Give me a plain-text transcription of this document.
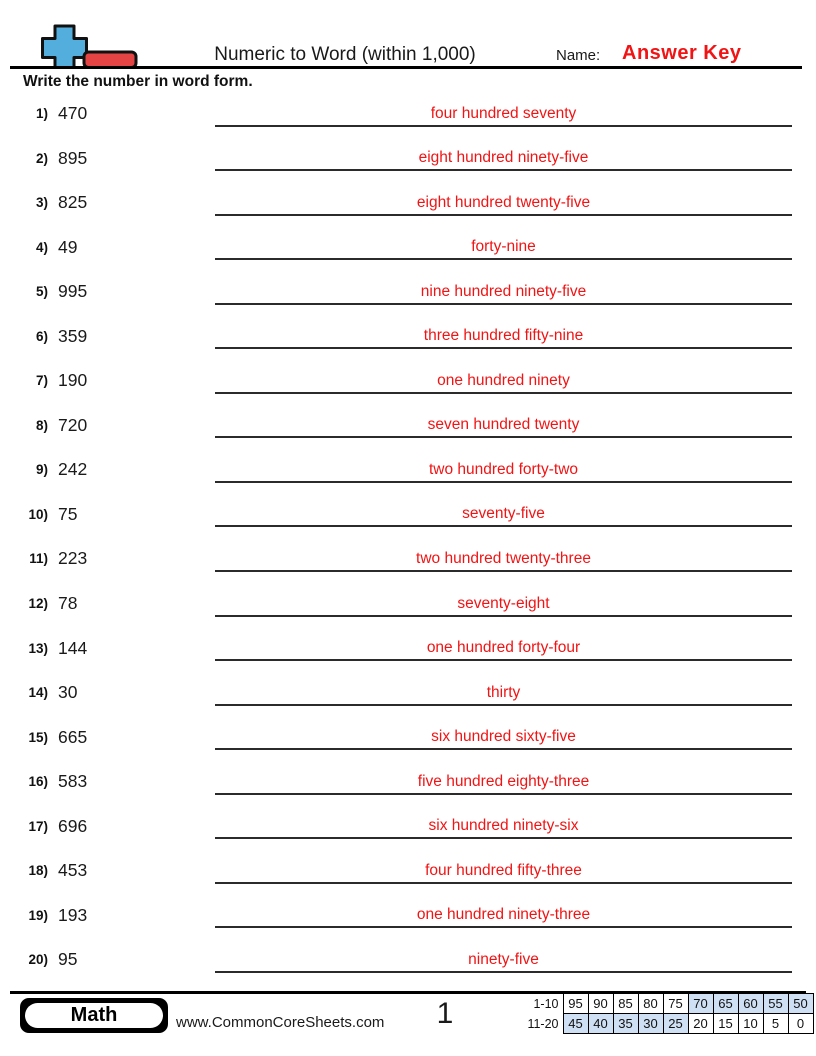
Numeric to Word (within 1,000)	Name: Answer Key
Write the number in word form.
1) 470	four hundred seventy
2) 895	eight hundred ninety-five
3) 825	eight hundred twenty-five
4) 49	forty-nine
5) 995	nine hundred ninety-five
6) 359	three hundred fifty-nine
7) 190	one hundred ninety
8) 720	seven hundred twenty
9) 242	two hundred forty-two
10) 75	seventy-five
11) 223	two hundred twenty-three
12) 78	seventy-eight
13) 144	one hundred forty-four
14) 30	thirty
15) 665	six hundred sixty-five
16) 583	five hundred eighty-three
17) 696	six hundred ninety-six
18) 453	four hundred fifty-three
19) 193	one hundred ninety-three
20) 95	ninety-five
Math	www.CommonCoreSheets.com	1	1-10	95	90	85	80	75	70	65	60	55	50
11-20	45	40	35	30	25	20	15	10	5	0
